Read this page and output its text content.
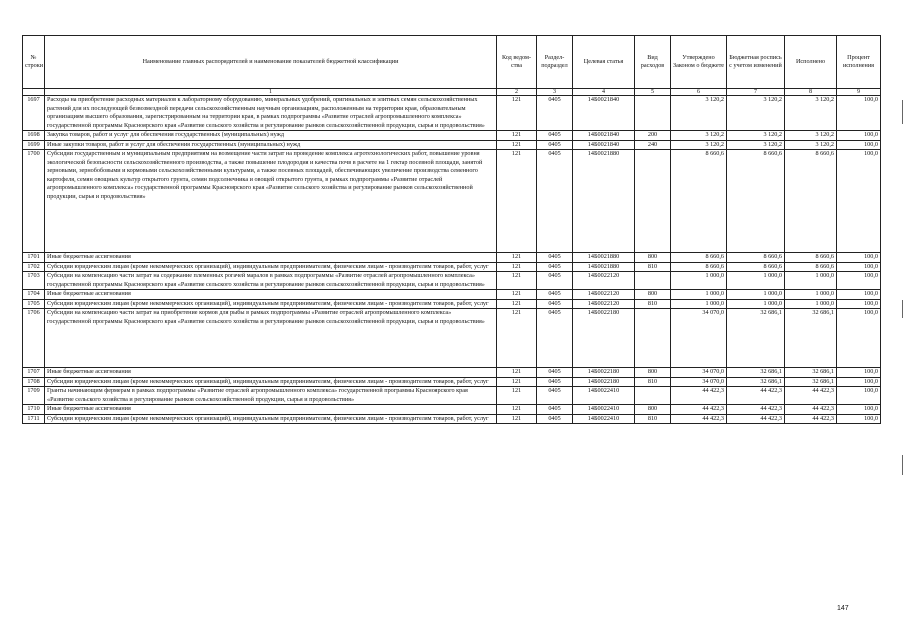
№ строки	Наименование главных распорядителей и наименование показателей бюджетной классификации	Код ведом-ства	Раздел-подраздел	Целевая статья	Вид расходов	Утверждено Законом о бюджете	Бюджетная роспись с учетом изменений	Исполнено	Процент исполнения
	1	2	3	4	5	6	7	8	9
1697	Расходы на приобретение расходных материалов к лабораторному оборудованию, минеральных удобрений, оригинальных и элитных семян сельскохозяйственных растений для их последующей безвозмездной передачи сельскохозяйственным научным организациям, расположенным на территории края, образовательным организациям высшего образования, зарегистрированным на территории края, в рамках подпрограммы «Развитие отраслей агропромышленного комплекса» государственной программы Красноярского края «Развитие сельского хозяйства и регулирование рынков сельскохозяйственной продукции, сырья и продовольствия»	121	0405	14Б0021840		3 120,2	3 120,2	3 120,2	100,0
1698	Закупка товаров, работ и услуг для обеспечения государственных (муниципальных) нужд	121	0405	14Б0021840	200	3 120,2	3 120,2	3 120,2	100,0
1699	Иные закупки товаров, работ и услуг для обеспечения государственных (муниципальных) нужд	121	0405	14Б0021840	240	3 120,2	3 120,2	3 120,2	100,0
1700	Субсидии государственным и муниципальным предприятиям на возмещение части затрат на проведение комплекса агротехнологических работ, повышение уровня экологической безопасности сельскохозяйственного производства, а также повышение плодородия и качества почв в расчете на 1 гектар посевной площади, занятой зерновыми, зернобобовыми и кормовыми сельскохозяйственными культурами, а также посевных площадей, обеспечивающих увеличение производства семенного картофеля, семян овощных культур открытого грунта, семян подсолнечника и овощей открытого грунта, в рамках подпрограммы «Развитие отраслей агропромышленного комплекса» государственной программы Красноярского края «Развитие сельского хозяйства и регулирование рынков сельскохозяйственной продукции, сырья и продовольствия»	121	0405	14Б0021880		8 660,6	8 660,6	8 660,6	100,0
1701	Иные бюджетные ассигнования	121	0405	14Б0021880	800	8 660,6	8 660,6	8 660,6	100,0
1702	Субсидии юридическим лицам (кроме некоммерческих организаций), индивидуальным предпринимателям, физическим лицам - производителям товаров, работ, услуг	121	0405	14Б0021880	810	8 660,6	8 660,6	8 660,6	100,0
1703	Субсидии на компенсацию части затрат на содержание племенных рогачей маралов в рамках подпрограммы «Развитие отраслей агропромышленного комплекса» государственной программы Красноярского края «Развитие сельского хозяйства и регулирование рынков сельскохозяйственной продукции, сырья и продовольствия»	121	0405	14Б0022120		1 000,0	1 000,0	1 000,0	100,0
1704	Иные бюджетные ассигнования	121	0405	14Б0022120	800	1 000,0	1 000,0	1 000,0	100,0
1705	Субсидии юридическим лицам (кроме некоммерческих организаций), индивидуальным предпринимателям, физическим лицам - производителям товаров, работ, услуг	121	0405	14Б0022120	810	1 000,0	1 000,0	1 000,0	100,0
1706	Субсидии на компенсацию части затрат на приобретение кормов для рыбы в рамках подпрограммы «Развитие отраслей агропромышленного комплекса» государственной программы Красноярского края «Развитие сельского хозяйства и регулирование рынков сельскохозяйственной продукции, сырья и продовольствия»	121	0405	14Б0022180		34 070,0	32 686,1	32 686,1	100,0
1707	Иные бюджетные ассигнования	121	0405	14Б0022180	800	34 070,0	32 686,1	32 686,1	100,0
1708	Субсидии юридическим лицам (кроме некоммерческих организаций), индивидуальным предпринимателям, физическим лицам - производителям товаров, работ, услуг	121	0405	14Б0022180	810	34 070,0	32 686,1	32 686,1	100,0
1709	Гранты начинающим фермерам в рамках подпрограммы «Развитие отраслей агропромышленного комплекса» государственной программы Красноярского края «Развитие сельского хозяйства и регулирование рынков сельскохозяйственной продукции, сырья и продовольствия»	121	0405	14Б0022410		44 422,3	44 422,3	44 422,3	100,0
1710	Иные бюджетные ассигнования	121	0405	14Б0022410	800	44 422,3	44 422,3	44 422,3	100,0
1711	Субсидии юридическим лицам (кроме некоммерческих организаций), индивидуальным предпринимателям, физическим лицам - производителям товаров, работ, услуг	121	0405	14Б0022410	810	44 422,3	44 422,3	44 422,3	100,0
147
